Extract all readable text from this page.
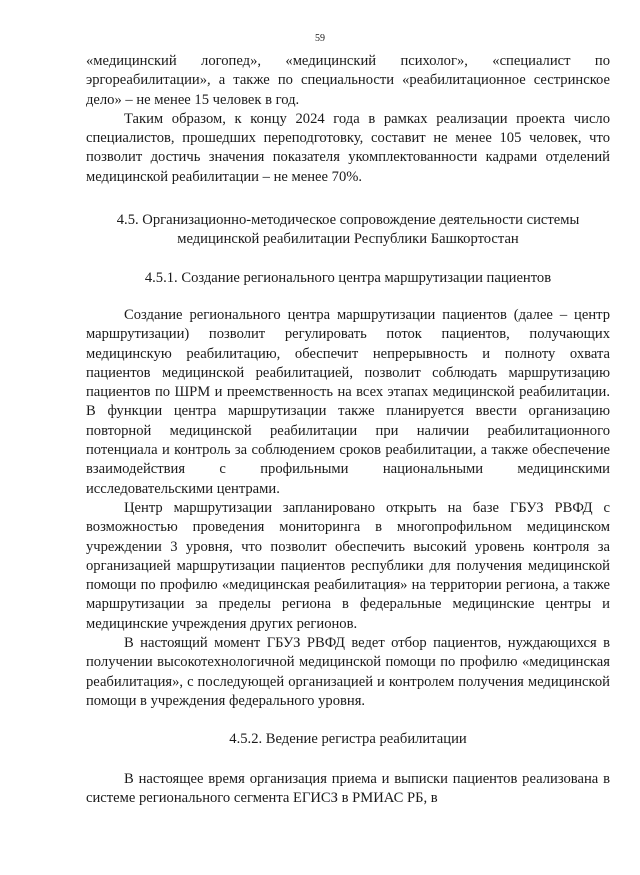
59

«медицинский логопед», «медицинский психолог», «специалист по эргореабилитации», а также по специальности «реабилитационное сестринское дело» – не менее 15 человек в год.

Таким образом, к концу 2024 года в рамках реализации проекта число специалистов, прошедших переподготовку, составит не менее 105 человек, что позволит достичь значения показателя укомплектованности кадрами отделений медицинской реабилитации – не менее 70%.

4.5. Организационно-методическое сопровождение деятельности системы медицинской реабилитации Республики Башкортостан
4.5.1. Создание регионального центра маршрутизации пациентов

Создание регионального центра маршрутизации пациентов (далее – центр маршрутизации) позволит регулировать поток пациентов, получающих медицинскую реабилитацию, обеспечит непрерывность и полноту охвата пациентов медицинской реабилитацией, позволит соблюдать маршрутизацию пациентов по ШРМ и преемственность на всех этапах медицинской реабилитации. В функции центра маршрутизации также планируется ввести организацию повторной медицинской реабилитации при наличии реабилитационного потенциала и контроль за соблюдением сроков реабилитации, а также обеспечение взаимодействия с профильными национальными медицинскими исследовательскими центрами.

Центр маршрутизации запланировано открыть на базе ГБУЗ РВФД с возможностью проведения мониторинга в многопрофильном медицинском учреждении 3 уровня, что позволит обеспечить высокий уровень контроля за организацией маршрутизации пациентов республики для получения медицинской помощи по профилю «медицинская реабилитация» на территории региона, а также маршрутизации за пределы региона в федеральные медицинские центры и медицинские учреждения других регионов.

В настоящий момент ГБУЗ РВФД ведет отбор пациентов, нуждающихся в получении высокотехнологичной медицинской помощи по профилю «медицинская реабилитация», с последующей организацией и контролем получения медицинской помощи в учреждения федерального уровня.

4.5.2. Ведение регистра реабилитации

В настоящее время организация приема и выписки пациентов реализована в системе регионального сегмента ЕГИСЗ в РМИАС РБ, в
